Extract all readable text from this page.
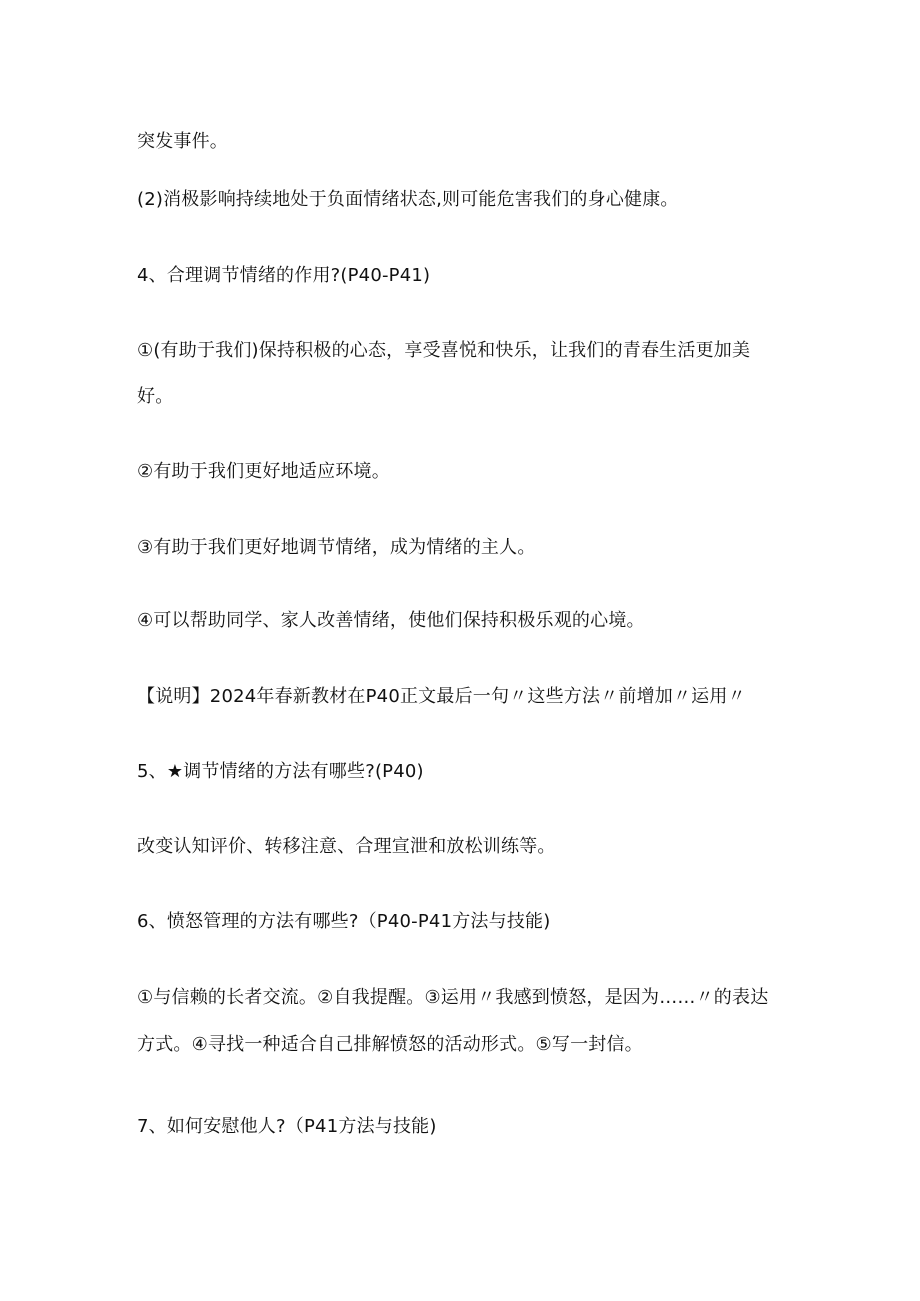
突发事件。

(2)消极影响持续地处于负面情绪状态,则可能危害我们的身心健康。

4、合理调节情绪的作用?(P40-P41)

①(有助于我们)保持积极的心态，享受喜悦和快乐，让我们的青春生活更加美

好。

②有助于我们更好地适应环境。

③有助于我们更好地调节情绪，成为情绪的主人。

④可以帮助同学、家人改善情绪，使他们保持积极乐观的心境。

【说明】2024年春新教材在P40正文最后一句〃这些方法〃前增加〃运用〃

5、★调节情绪的方法有哪些?(P40)

改变认知评价、转移注意、合理宣泄和放松训练等。

6、愤怒管理的方法有哪些?（P40-P41方法与技能)

①与信赖的长者交流。②自我提醒。③运用〃我感到愤怒，是因为……〃的表达

方式。④寻找一种适合自己排解愤怒的活动形式。⑤写一封信。

7、如何安慰他人?（P41方法与技能)
